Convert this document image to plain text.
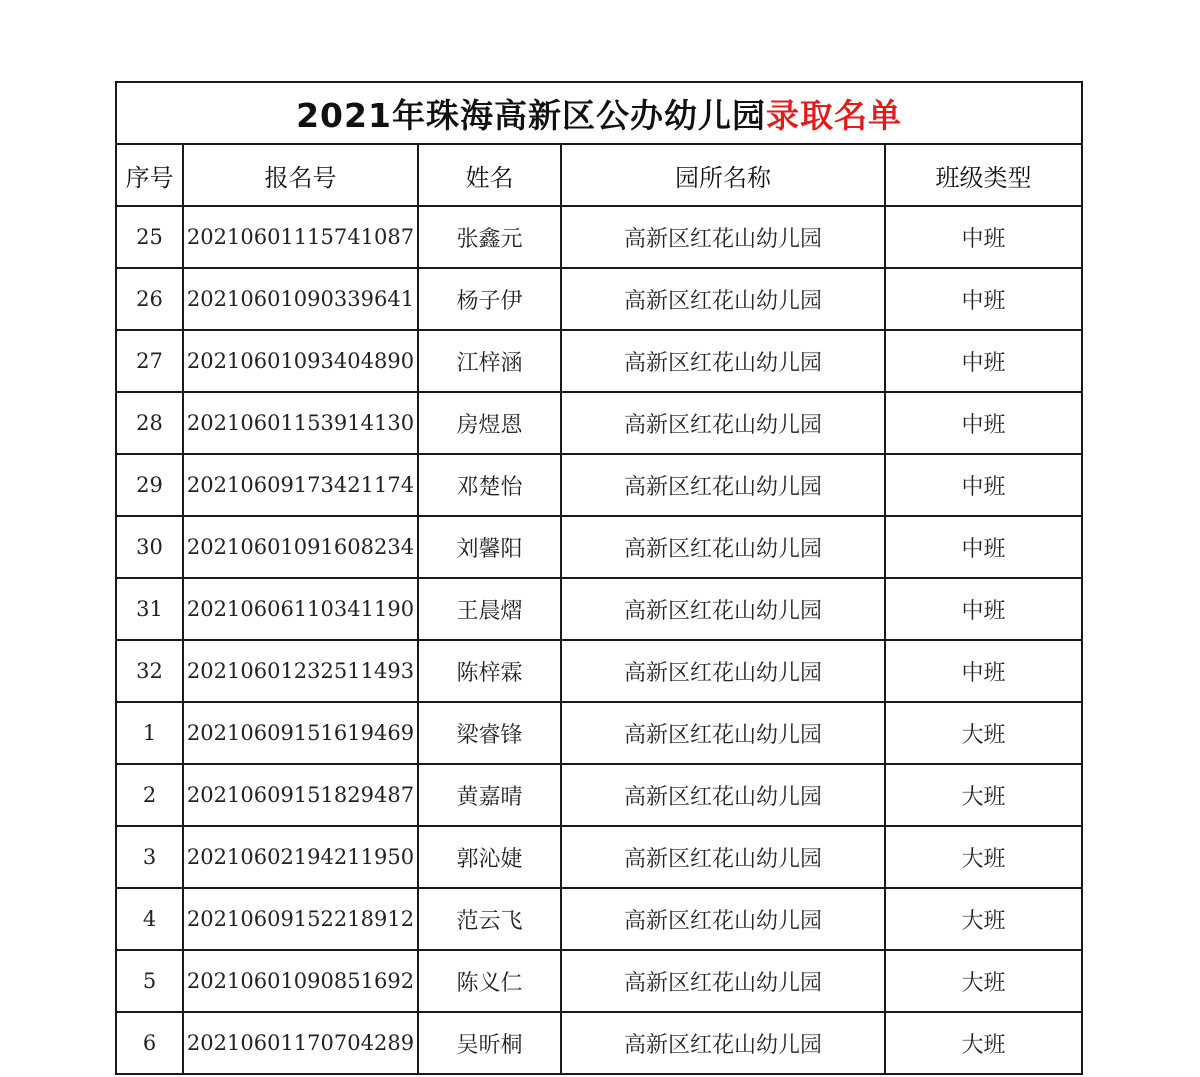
2021年珠海高新区公办幼儿园录取名单				
序号	报名号	姓名	园所名称	班级类型
25	20210601115741087	张鑫元	高新区红花山幼儿园	中班
26	20210601090339641	杨子伊	高新区红花山幼儿园	中班
27	20210601093404890	江梓涵	高新区红花山幼儿园	中班
28	20210601153914130	房煜恩	高新区红花山幼儿园	中班
29	20210609173421174	邓楚怡	高新区红花山幼儿园	中班
30	20210601091608234	刘馨阳	高新区红花山幼儿园	中班
31	20210606110341190	王晨熠	高新区红花山幼儿园	中班
32	20210601232511493	陈梓霖	高新区红花山幼儿园	中班
1	20210609151619469	梁睿锋	高新区红花山幼儿园	大班
2	20210609151829487	黄嘉晴	高新区红花山幼儿园	大班
3	20210602194211950	郭沁婕	高新区红花山幼儿园	大班
4	20210609152218912	范云飞	高新区红花山幼儿园	大班
5	20210601090851692	陈义仁	高新区红花山幼儿园	大班
6	20210601170704289	吴昕桐	高新区红花山幼儿园	大班
